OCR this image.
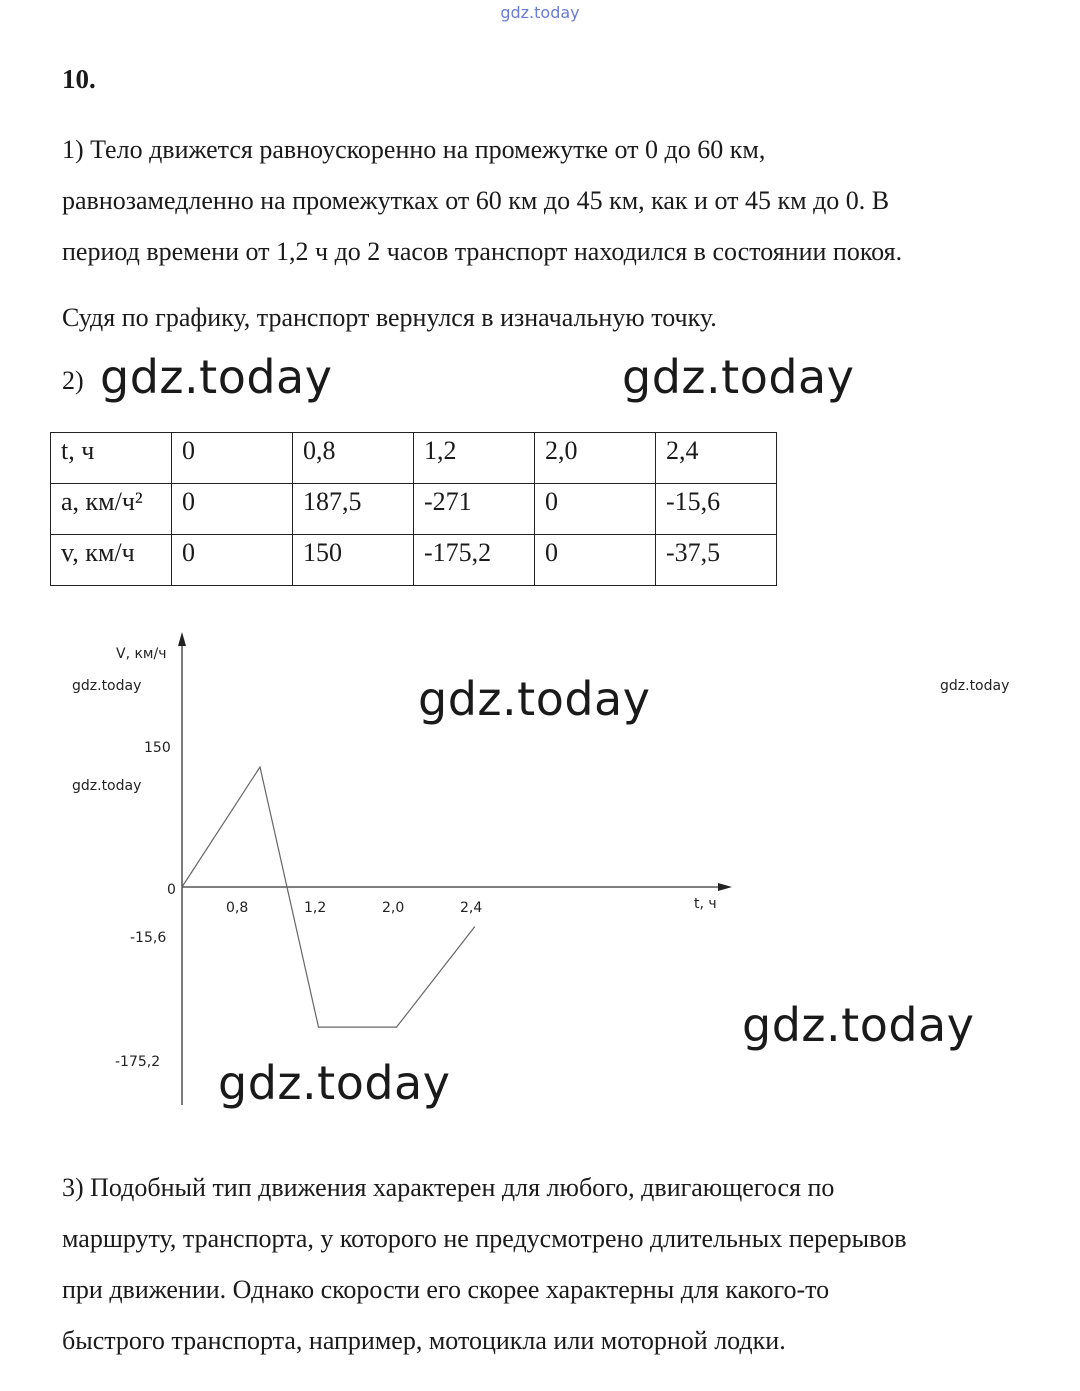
gdz.today
10.
1) Тело движется равноускоренно на промежутке от 0 до 60 км,
равнозамедленно на промежутках от 60 км до 45 км, как и от 45 км до 0. В
период времени от 1,2 ч до 2 часов транспорт находился в состоянии покоя.
Судя по графику, транспорт вернулся в изначальную точку.
2) gdz.today	gdz.today
t, ч	0	0,8	1,2	2,0	2,4
a, км/ч²	0	187,5	-271	0	-15,6
v, км/ч	0	150	-175,2	0	-37,5
V, км/ч
t, ч
150
0
-15,6
-175,2
0,8	1,2	2,0	2,4
gdz.today
gdz.today
gdz.today
gdz.today
gdz.today
gdz.today
3) Подобный тип движения характерен для любого, двигающегося по
маршруту, транспорта, у которого не предусмотрено длительных перерывов
при движении. Однако скорости его скорее характерны для какого-то
быстрого транспорта, например, мотоцикла или моторной лодки.
